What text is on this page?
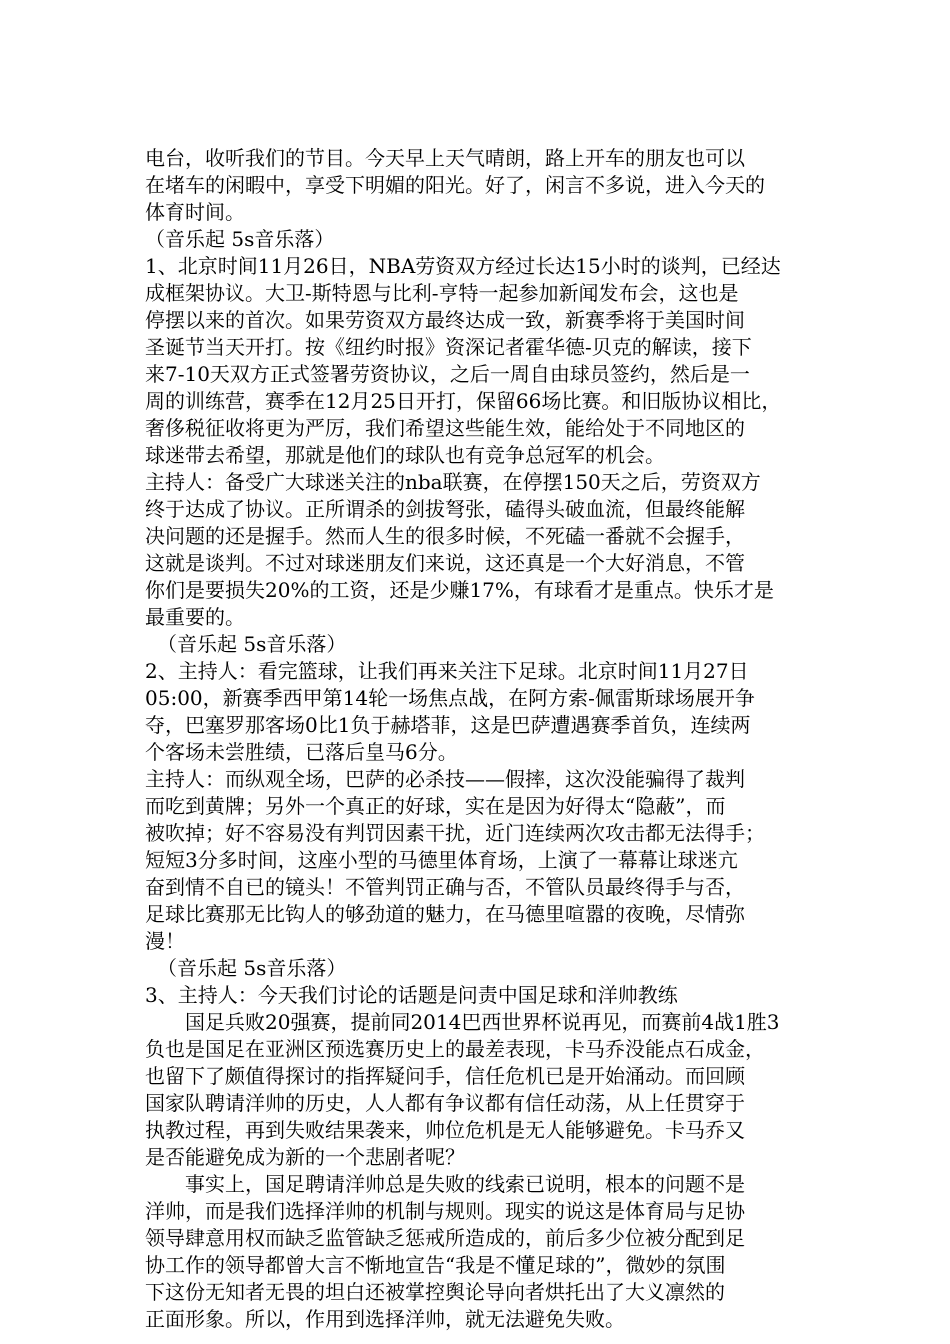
电台，收听我们的节目。今天早上天气晴朗，路上开车的朋友也可以
在堵车的闲暇中，享受下明媚的阳光。好了，闲言不多说，进入今天的
体育时间。
（音乐起 5s音乐落）
1、北京时间11月26日，NBA劳资双方经过长达15小时的谈判，已经达
成框架协议。大卫-斯特恩与比利-亨特一起参加新闻发布会，这也是
停摆以来的首次。如果劳资双方最终达成一致，新赛季将于美国时间
圣诞节当天开打。按《纽约时报》资深记者霍华德-贝克的解读，接下
来7-10天双方正式签署劳资协议，之后一周自由球员签约，然后是一
周的训练营，赛季在12月25日开打，保留66场比赛。和旧版协议相比，
奢侈税征收将更为严厉，我们希望这些能生效，能给处于不同地区的
球迷带去希望，那就是他们的球队也有竞争总冠军的机会。
主持人：备受广大球迷关注的nba联赛，在停摆150天之后，劳资双方
终于达成了协议。正所谓杀的剑拔弩张，磕得头破血流，但最终能解
决问题的还是握手。然而人生的很多时候，不死磕一番就不会握手，
这就是谈判。不过对球迷朋友们来说，这还真是一个大好消息，不管
你们是要损失20%的工资，还是少赚17%，有球看才是重点。快乐才是
最重要的。
（音乐起 5s音乐落）
2、主持人：看完篮球，让我们再来关注下足球。北京时间11月27日
05:00，新赛季西甲第14轮一场焦点战，在阿方索-佩雷斯球场展开争
夺，巴塞罗那客场0比1负于赫塔菲，这是巴萨遭遇赛季首负，连续两
个客场未尝胜绩，已落后皇马6分。
主持人：而纵观全场，巴萨的必杀技——假摔，这次没能骗得了裁判
而吃到黄牌；另外一个真正的好球，实在是因为好得太“隐蔽”，而
被吹掉；好不容易没有判罚因素干扰，近门连续两次攻击都无法得手；
短短3分多时间，这座小型的马德里体育场，上演了一幕幕让球迷亢
奋到情不自已的镜头！不管判罚正确与否，不管队员最终得手与否，
足球比赛那无比钩人的够劲道的魅力，在马德里喧嚣的夜晚，尽情弥
漫！
（音乐起 5s音乐落）
3、主持人：今天我们讨论的话题是问责中国足球和洋帅教练
国足兵败20强赛，提前同2014巴西世界杯说再见，而赛前4战1胜3
负也是国足在亚洲区预选赛历史上的最差表现，卡马乔没能点石成金，
也留下了颇值得探讨的指挥疑问手，信任危机已是开始涌动。而回顾
国家队聘请洋帅的历史，人人都有争议都有信任动荡，从上任贯穿于
执教过程，再到失败结果袭来，帅位危机是无人能够避免。卡马乔又
是否能避免成为新的一个悲剧者呢？
事实上，国足聘请洋帅总是失败的线索已说明，根本的问题不是
洋帅，而是我们选择洋帅的机制与规则。现实的说这是体育局与足协
领导肆意用权而缺乏监管缺乏惩戒所造成的，前后多少位被分配到足
协工作的领导都曾大言不惭地宣告“我是不懂足球的”，微妙的氛围
下这份无知者无畏的坦白还被掌控舆论导向者烘托出了大义凛然的
正面形象。所以，作用到选择洋帅，就无法避免失败。
